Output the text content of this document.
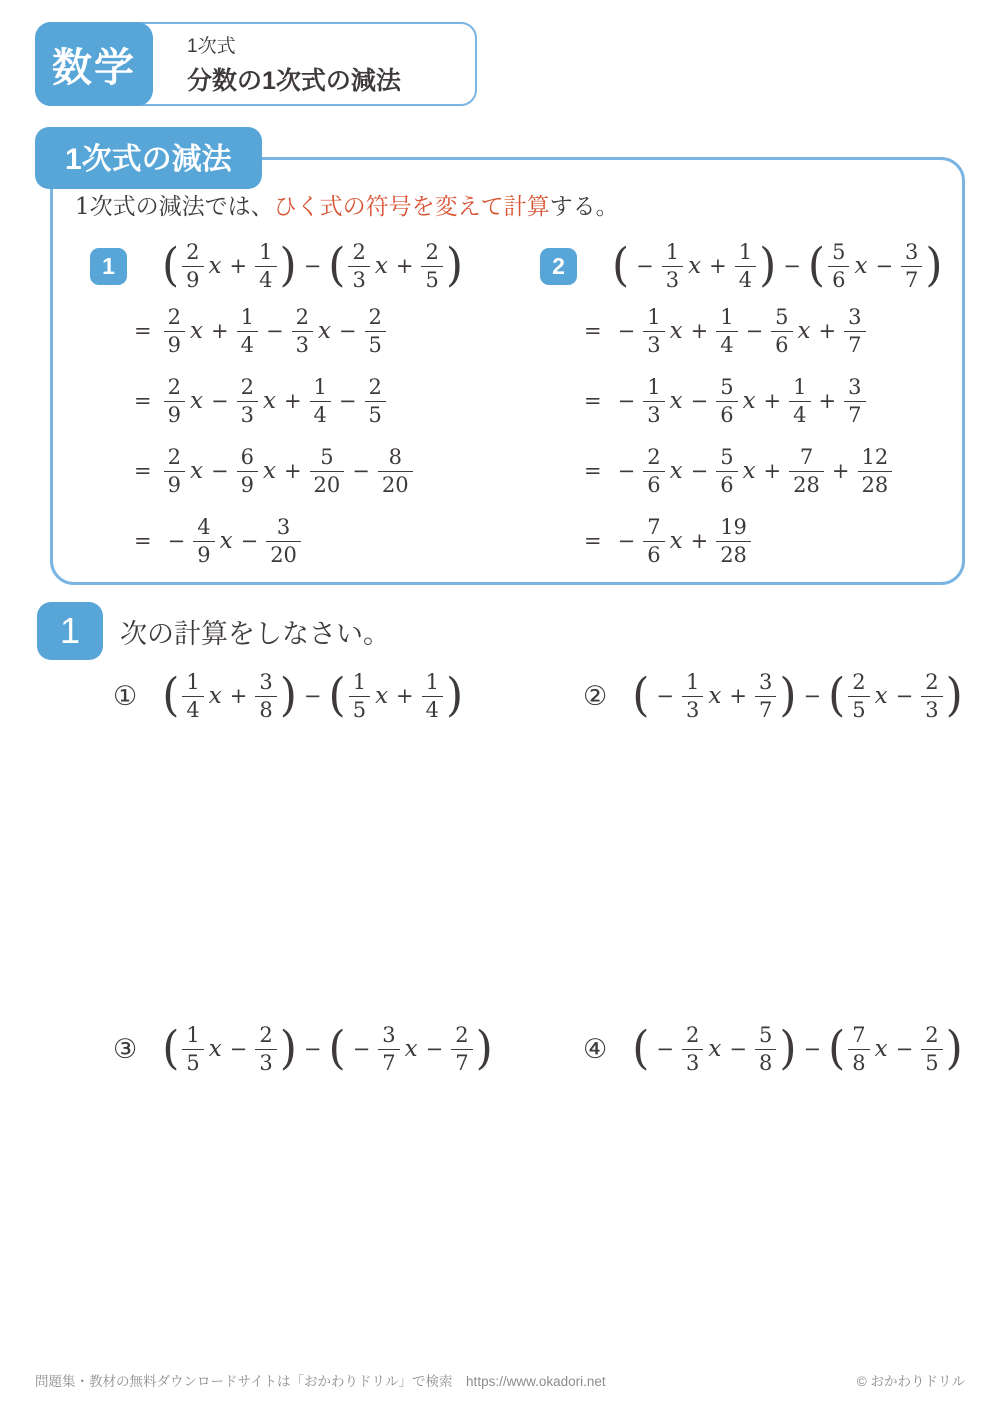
1次式
分数の1次式の減法
数学
1次式の減法

1次式の減法では、ひく式の符号を変えて計算する。

1 ( $\frac{2}{9}$ $x + \frac{1}{4}$ ) − ( $\frac{2}{3}$ $x + \frac{2}{5}$ )
= $\frac{2}{9}$ $x + \frac{1}{4} - \frac{2}{3}$ $x - \frac{2}{5}$
= $\frac{2}{9}$ $x - \frac{2}{3}$ $x + \frac{1}{4} - \frac{2}{5}$
= $\frac{2}{9}$ $x - \frac{6}{9}$ $x + \frac{5}{20} - \frac{8}{20}$
= − $\frac{4}{9}$ $x - \frac{3}{20}$
2 ( − $\frac{1}{3}$ $x + \frac{1}{4}$ ) − ( $\frac{5}{6}$ $x - \frac{3}{7}$ )
= − $\frac{1}{3}$ $x + \frac{1}{4} - \frac{5}{6}$ $x + \frac{3}{7}$
= − $\frac{1}{3}$ $x - \frac{5}{6}$ $x + \frac{1}{4} + \frac{3}{7}$
= − $\frac{2}{6}$ $x - \frac{5}{6}$ $x + \frac{7}{28} + \frac{12}{28}$
= − $\frac{7}{6}$ $x + \frac{19}{28}$
1	次の計算をしなさい。
① ( $\frac{1}{4}$ $x + \frac{3}{8}$ ) − ( $\frac{1}{5}$ $x + \frac{1}{4}$ )	② ( − $\frac{1}{3}$ $x + \frac{3}{7}$ ) − ( $\frac{2}{5}$ $x - \frac{2}{3}$ )
③ ( $\frac{1}{5}$ $x - \frac{2}{3}$ ) − ( − $\frac{3}{7}$ $x - \frac{2}{7}$ )	④ ( − $\frac{2}{3}$ $x - \frac{5}{8}$ ) − ( $\frac{7}{8}$ $x - \frac{2}{5}$ )
問題集・教材の無料ダウンロードサイトは「おかわりドリル」で検索　https://www.okadori.net	© おかわりドリル
